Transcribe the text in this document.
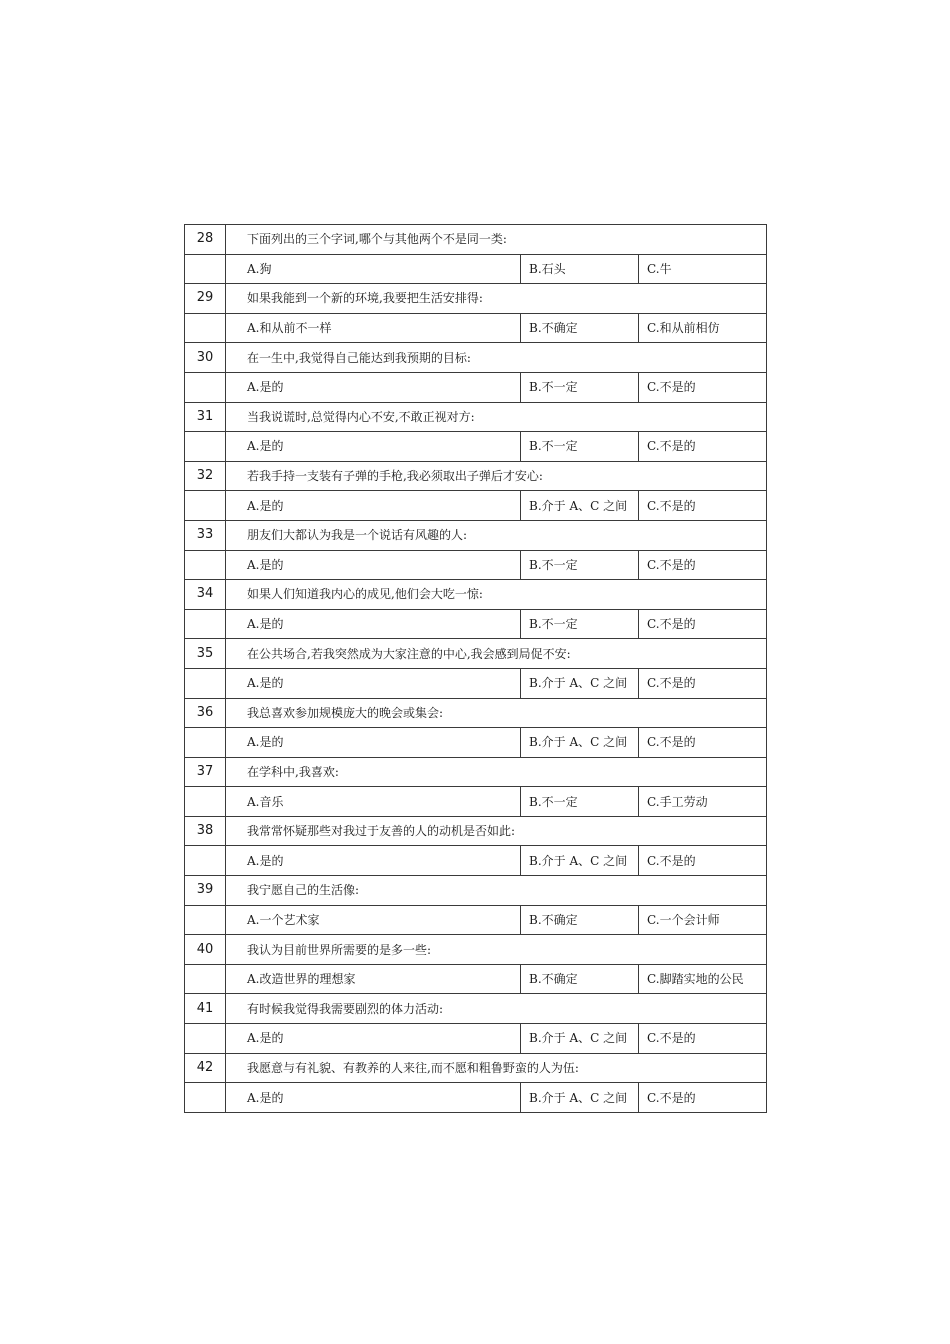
28	下面列出的三个字词,哪个与其他两个不是同一类:		
	A.狗	B.石头	C.牛
29	如果我能到一个新的环境,我要把生活安排得:		
	A.和从前不一样	B.不确定	C.和从前相仿
30	在一生中,我觉得自己能达到我预期的目标:		
	A.是的	B.不一定	C.不是的
31	当我说谎时,总觉得内心不安,不敢正视对方:		
	A.是的	B.不一定	C.不是的
32	若我手持一支装有子弹的手枪,我必须取出子弹后才安心:		
	A.是的	B.介于 A、C 之间	C.不是的
33	朋友们大都认为我是一个说话有风趣的人:		
	A.是的	B.不一定	C.不是的
34	如果人们知道我内心的成见,他们会大吃一惊:		
	A.是的	B.不一定	C.不是的
35	在公共场合,若我突然成为大家注意的中心,我会感到局促不安:		
	A.是的	B.介于 A、C 之间	C.不是的
36	我总喜欢参加规模庞大的晚会或集会:		
	A.是的	B.介于 A、C 之间	C.不是的
37	在学科中,我喜欢:		
	A.音乐	B.不一定	C.手工劳动
38	我常常怀疑那些对我过于友善的人的动机是否如此:		
	A.是的	B.介于 A、C 之间	C.不是的
39	我宁愿自己的生活像:		
	A.一个艺术家	B.不确定	C.一个会计师
40	我认为目前世界所需要的是多一些:		
	A.改造世界的理想家	B.不确定	C.脚踏实地的公民
41	有时候我觉得我需要剧烈的体力活动:		
	A.是的	B.介于 A、C 之间	C.不是的
42	我愿意与有礼貌、有教养的人来往,而不愿和粗鲁野蛮的人为伍:		
	A.是的	B.介于 A、C 之间	C.不是的
